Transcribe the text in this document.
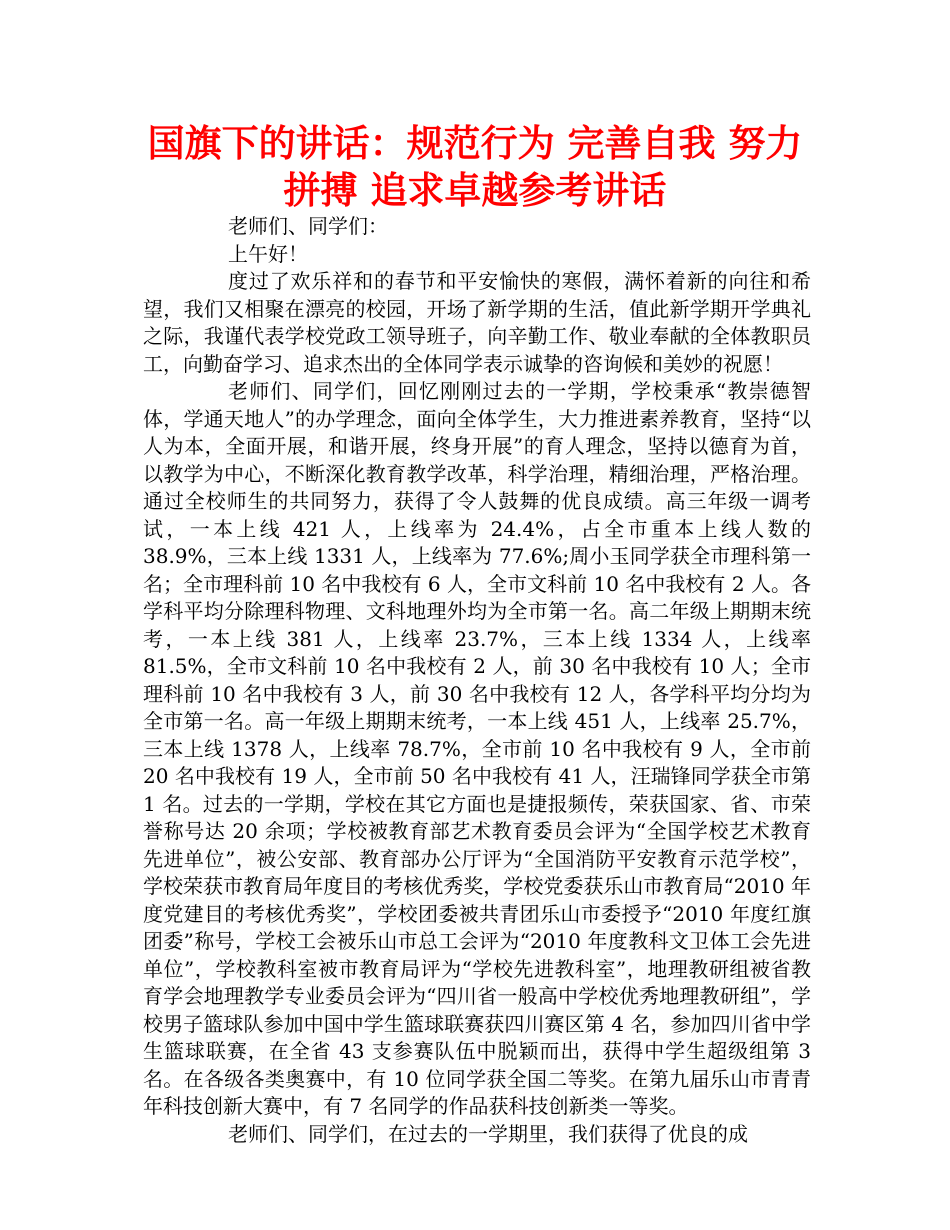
国旗下的讲话：规范行为 完善自我 努力拼搏 追求卓越参考讲话

老师们、同学们：

上午好！

度过了欢乐祥和的春节和平安愉快的寒假，满怀着新的向往和希望，我们又相聚在漂亮的校园，开场了新学期的生活，值此新学期开学典礼之际，我谨代表学校党政工领导班子，向辛勤工作、敬业奉献的全体教职员工，向勤奋学习、追求杰出的全体同学表示诚挚的咨询候和美妙的祝愿！

老师们、同学们，回忆刚刚过去的一学期，学校秉承“教崇德智体，学通天地人”的办学理念，面向全体学生，大力推进素养教育，坚持“以人为本，全面开展，和谐开展，终身开展”的育人理念，坚持以德育为首，以教学为中心，不断深化教育教学改革，科学治理，精细治理，严格治理。通过全校师生的共同努力，获得了令人鼓舞的优良成绩。高三年级一调考试，一本上线 421 人，上线率为 24.4%，占全市重本上线人数的 38.9%，三本上线 1331 人，上线率为 77.6%;周小玉同学获全市理科第一名；全市理科前 10 名中我校有 6 人，全市文科前 10 名中我校有 2 人。各学科平均分除理科物理、文科地理外均为全市第一名。高二年级上期期末统考，一本上线 381 人，上线率 23.7%，三本上线 1334 人，上线率 81.5%，全市文科前 10 名中我校有 2 人，前 30 名中我校有 10 人；全市理科前 10 名中我校有 3 人，前 30 名中我校有 12 人，各学科平均分均为全市第一名。高一年级上期期末统考，一本上线 451 人，上线率 25.7%，三本上线 1378 人，上线率 78.7%，全市前 10 名中我校有 9 人，全市前 20 名中我校有 19 人，全市前 50 名中我校有 41 人，汪瑞锋同学获全市第 1 名。过去的一学期，学校在其它方面也是捷报频传，荣获国家、省、市荣誉称号达 20 余项；学校被教育部艺术教育委员会评为“全国学校艺术教育先进单位”，被公安部、教育部办公厅评为“全国消防平安教育示范学校”，学校荣获市教育局年度目的考核优秀奖，学校党委获乐山市教育局“2010 年度党建目的考核优秀奖”，学校团委被共青团乐山市委授予“2010 年度红旗团委”称号，学校工会被乐山市总工会评为“2010 年度教科文卫体工会先进单位”，学校教科室被市教育局评为“学校先进教科室”，地理教研组被省教育学会地理教学专业委员会评为“四川省一般高中学校优秀地理教研组”，学校男子篮球队参加中国中学生篮球联赛获四川赛区第 4 名，参加四川省中学生篮球联赛，在全省 43 支参赛队伍中脱颖而出，获得中学生超级组第 3 名。在各级各类奥赛中，有 10 位同学获全国二等奖。在第九届乐山市青青年科技创新大赛中，有 7 名同学的作品获科技创新类一等奖。

老师们、同学们，在过去的一学期里，我们获得了优良的成
